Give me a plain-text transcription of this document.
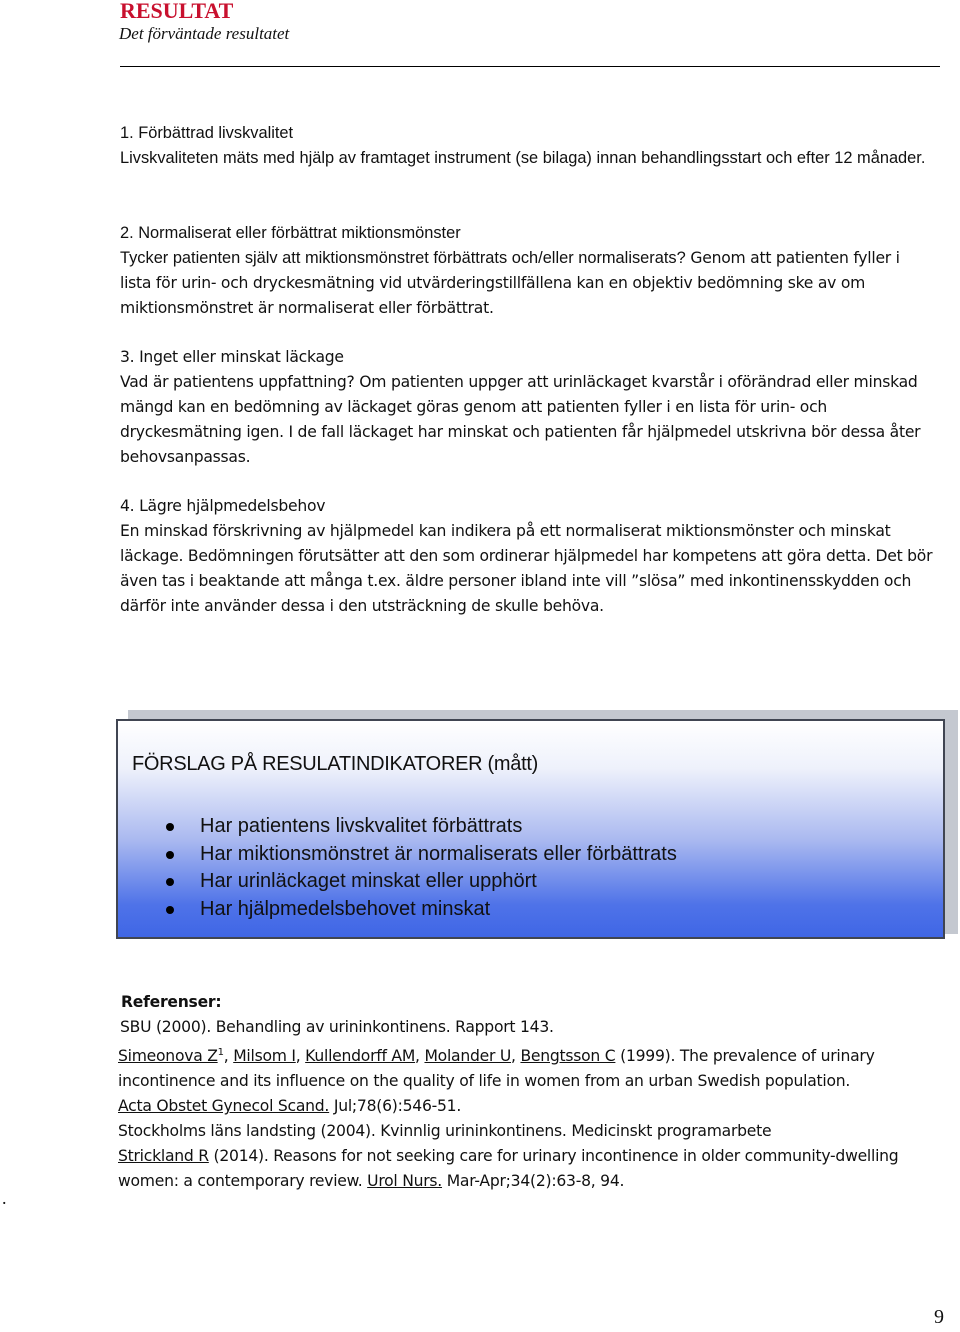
RESULTAT
Det förväntade resultatet

1. Förbättrad livskvalitet

Livskvaliteten mäts med hjälp av framtaget instrument (se bilaga) innan behandlingsstart och efter 12 månader.

2. Normaliserat eller förbättrat miktionsmönster

Tycker patienten själv att miktionsmönstret förbättrats och/eller normaliserats? Genom att patienten fyller i lista för urin- och dryckesmätning vid utvärderingstillfällena kan en objektiv bedömning ske av om miktionsmönstret är normaliserat eller förbättrat.

3. Inget eller minskat läckage

Vad är patientens uppfattning? Om patienten uppger att urinläckaget kvarstår i oförändrad eller minskad mängd kan en bedömning av läckaget göras genom att patienten fyller i en lista för urin- och dryckesmätning igen. I de fall läckaget har minskat och patienten får hjälpmedel utskrivna bör dessa åter behovsanpassas.

4. Lägre hjälpmedelsbehov

En minskad förskrivning av hjälpmedel kan indikera på ett normaliserat miktionsmönster och minskat läckage. Bedömningen förutsätter att den som ordinerar hjälpmedel har kompetens att göra detta. Det bör även tas i beaktande att många t.ex. äldre personer ibland inte vill ”slösa” med inkontinensskydden och därför inte använder dessa i den utsträckning de skulle behöva.

FÖRSLAG PÅ RESULATINDIKATORER (mått)
Har patientens livskvalitet förbättrats
Har miktionsmönstret är normaliserats eller förbättrats
Har urinläckaget minskat eller upphört
Har hjälpmedelsbehovet minskat

Referenser:

SBU (2000). Behandling av urininkontinens. Rapport 143.

Simeonova $Z^1$, Milsom I, Kullendorff AM, Molander U, Bengtsson C (1999). The prevalence of urinary incontinence and its influence on the quality of life in women from an urban Swedish population.
Acta Obstet Gynecol Scand. Jul;78(6):546-51.

Stockholms läns landsting (2004). Kvinnlig urininkontinens. Medicinskt programarbete

Strickland R (2014). Reasons for not seeking care for urinary incontinence in older community-dwelling women: a contemporary review. Urol Nurs. Mar-Apr;34(2):63-8, 94.

.
9
